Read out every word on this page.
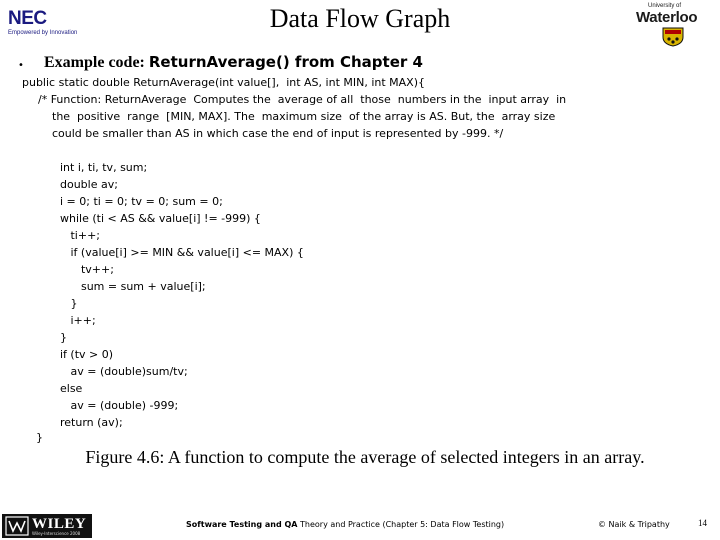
NEC
Empowered by Innovation	Data Flow Graph	University of
Waterloo
• Example code: ReturnAverage() from Chapter 4
public static double ReturnAverage(int value[],  int AS, int MIN, int MAX){
/* Function: ReturnAverage  Computes the  average of all  those  numbers in the  input array  in
the  positive  range  [MIN, MAX]. The  maximum size  of the array is AS. But, the  array size
could be smaller than AS in which case the end of input is represented by -999. */
int i, ti, tv, sum;
double av;
i = 0; ti = 0; tv = 0; sum = 0;
while (ti < AS && value[i] != -999) {
ti++;
if (value[i] >= MIN && value[i] <= MAX) {
tv++;
sum = sum + value[i];
}
i++;
}
if (tv > 0)
av = (double)sum/tv;
else
av = (double) -999;
return (av);
}
Figure 4.6: A function to compute the average of selected integers in an array.
WILEY
Wiley-Interscience 2008
Software Testing and QA Theory and Practice (Chapter 5: Data Flow Testing)	© Naik & Tripathy	14
